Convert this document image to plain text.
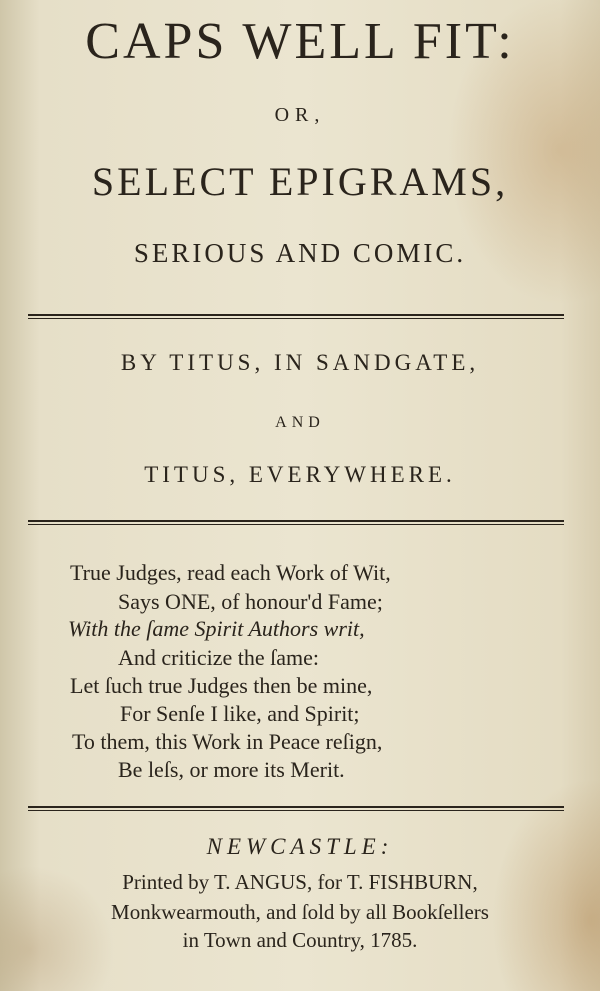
CAPS WELL FIT:
OR,
SELECT EPIGRAMS,
SERIOUS AND COMIC.
BY TITUS, IN SANDGATE,
AND
TITUS, EVERYWHERE.
True Judges, read each Work of Wit,
Says ONE, of honour'd Fame;
With the ſame Spirit Authors writ,
And criticize the ſame:
Let ſuch true Judges then be mine,
For Senſe I like, and Spirit;
To them, this Work in Peace reſign,
Be leſs, or more its Merit.
NEWCASTLE:
Printed by T. ANGUS, for T. FISHBURN,
Monkwearmouth, and ſold by all Bookſellers
in Town and Country, 1785.
